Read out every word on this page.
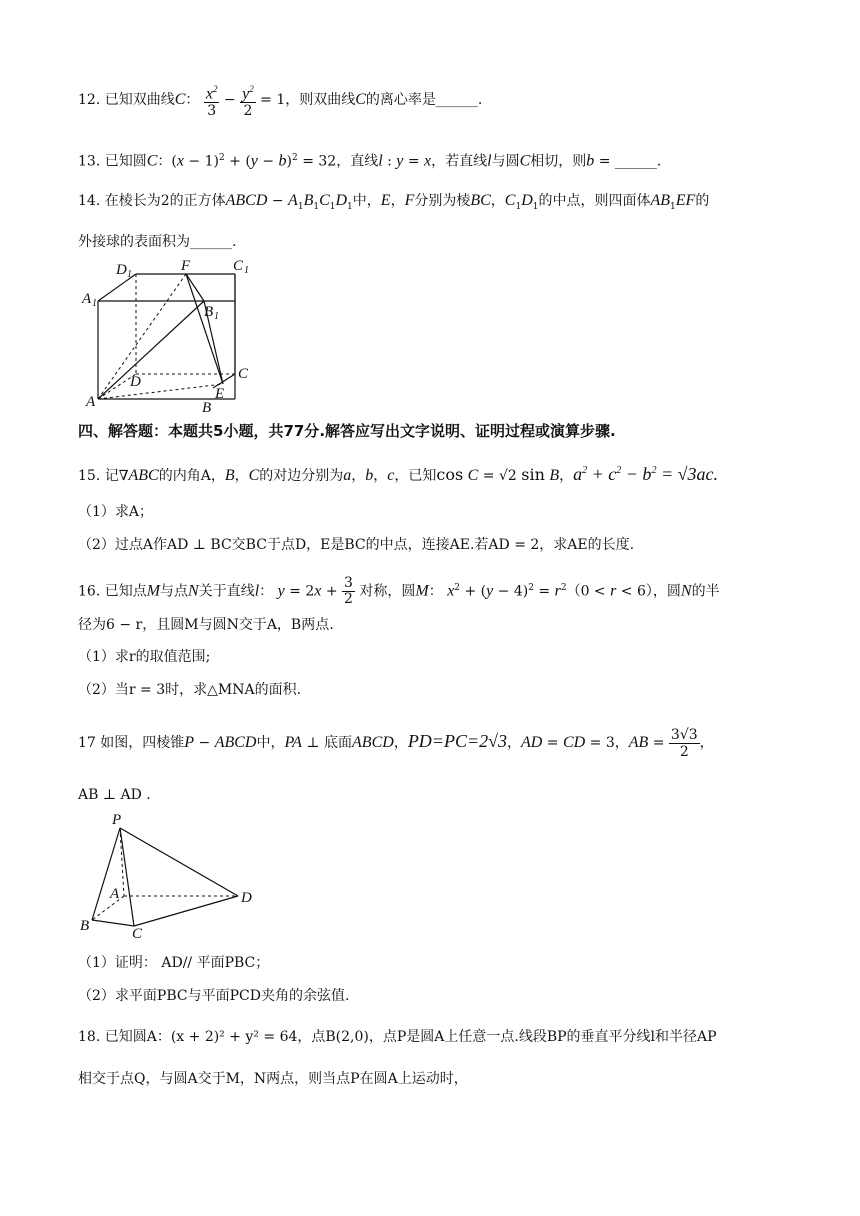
12. 已知双曲线C： $\frac{x^2}{3} - \frac{y^2}{2} = 1$，则双曲线C的离心率是______.
13. 已知圆C：$(x - 1)^2 + (y - b)^2 = 32$，直线l : y = x，若直线l与圆C相切，则b = ______.
14. 在棱长为2的正方体ABCD − $A_1B_1C_1D_1$中，E，F分别为棱BC，$C_1D_1$的中点，则四面体$AB_1EF$的
外接球的表面积为______.
D 1
F	C 1
A 1
B 1
D	C
E
A	B
四、解答题：本题共5小题，共77分.解答应写出文字说明、证明过程或演算步骤.
15. 记∇ABC的内角A，B，C的对边分别为a，b，c，已知cos C = √2 sin B，$a^2 + c^2 - b^2 = √3ac$.
（1）求A；
（2）过点A作AD ⊥ BC交BC于点D，E是BC的中点，连接AE.若AD = 2，求AE的长度.
16. 已知点M与点N关于直线l： $y = 2x + \frac{3}{2}$ 对称，圆M： $x^2 + (y - 4)^2 = r^2(0 < r < 6)$，圆N的半
径为6 − r，且圆M与圆N交于A，B两点.
（1）求r的取值范围;
（2）当r = 3时，求△MNA的面积.
17 如图，四棱锥P − ABCD中，PA ⊥ 底面ABCD，PD=PC=2√3，AD = CD = 3，AB = $\frac{3√3}{2}$ ，
AB ⊥ AD .
P
A
B	C
D
（1）证明： AD// 平面PBC；
（2）求平面PBC与平面PCD夹角的余弦值.
18. 已知圆A：(x + 2)² + y² = 64，点B(2,0)，点P是圆A上任意一点.线段BP的垂直平分线l和半径AP
相交于点Q，与圆A交于M，N两点，则当点P在圆A上运动时，
